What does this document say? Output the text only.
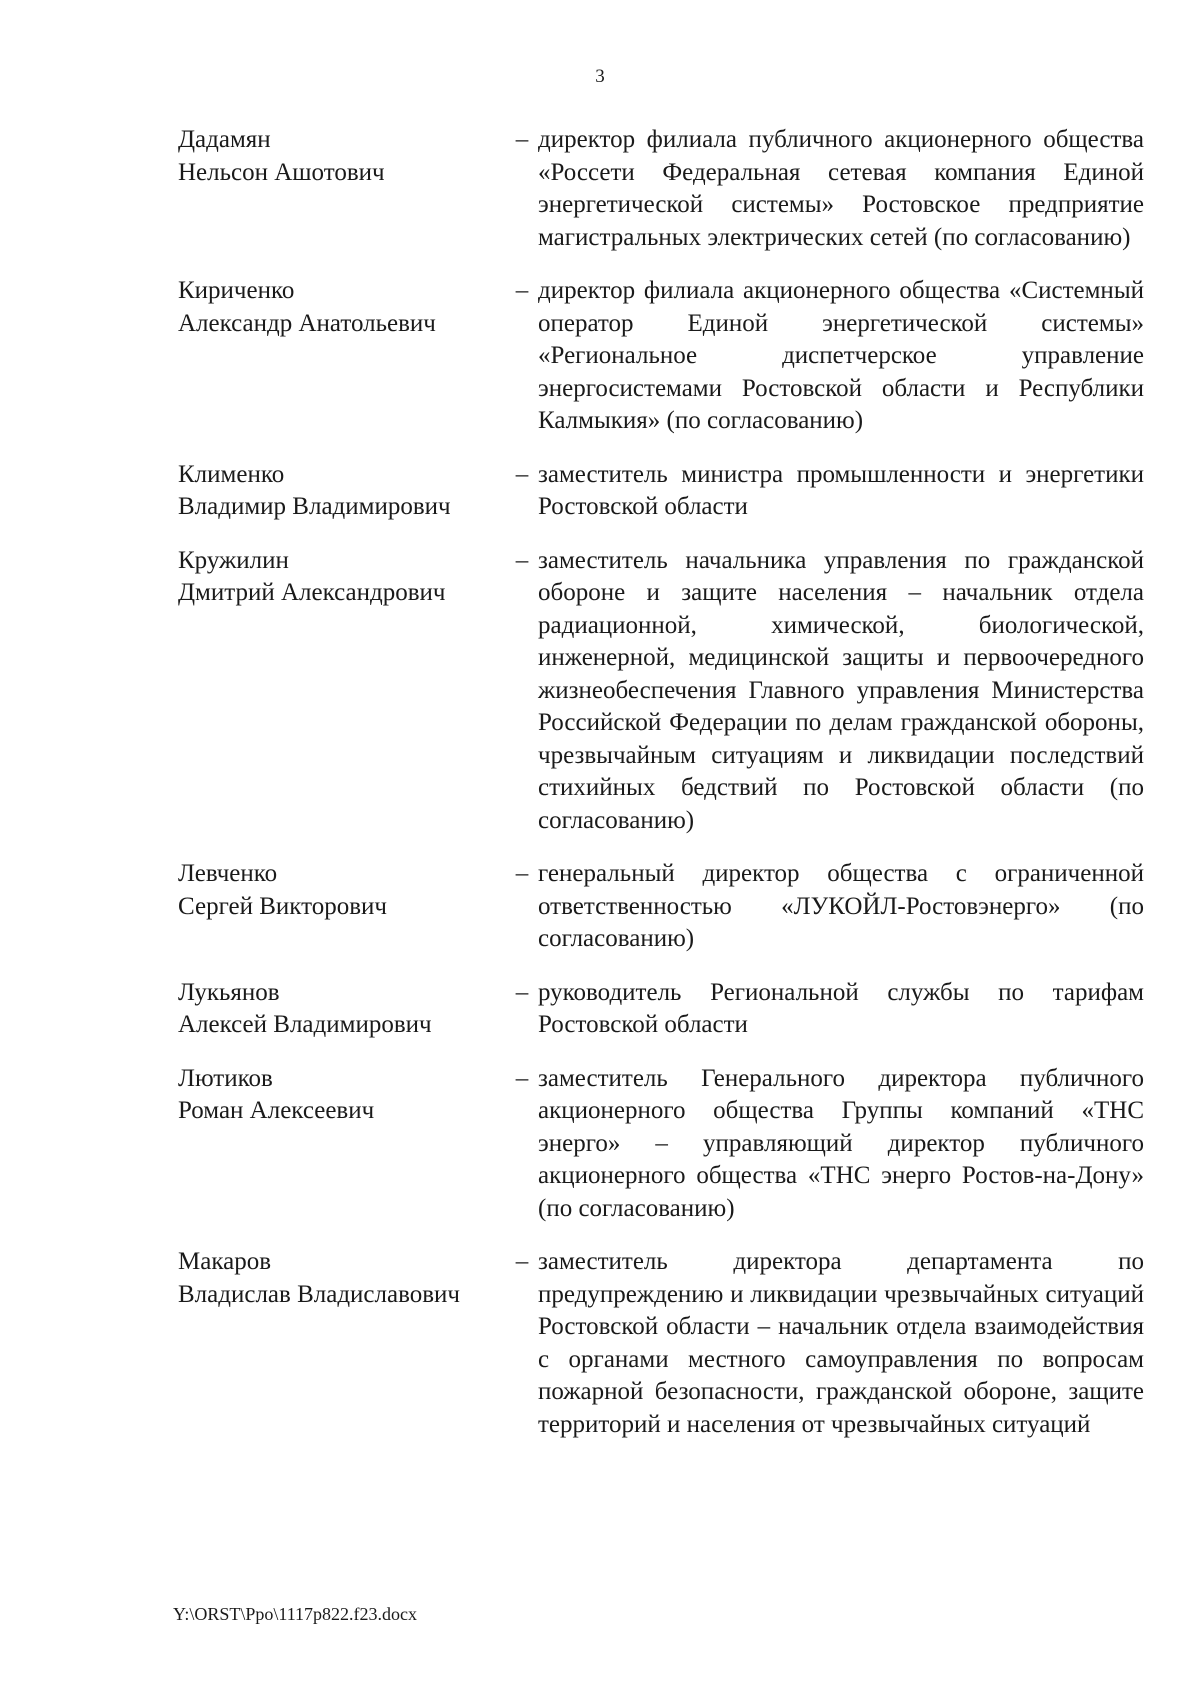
3
Дадамян
Нельсон Ашотович
– директор филиала публичного акционерного общества «Россети Федеральная сетевая компания Единой энергетической системы» Ростовское предприятие магистральных электрических сетей (по согласованию)
Кириченко
Александр Анатольевич
– директор филиала акционерного общества «Системный оператор Единой энергетической системы» «Региональное диспетчерское управление энергосистемами Ростовской области и Республики Калмыкия» (по согласованию)
Клименко
Владимир Владимирович
– заместитель министра промышленности и энергетики Ростовской области
Кружилин
Дмитрий Александрович
– заместитель начальника управления по гражданской обороне и защите населения – начальник отдела радиационной, химической, биологической, инженерной, медицинской защиты и первоочередного жизнеобеспечения Главного управления Министерства Российской Федерации по делам гражданской обороны, чрезвычайным ситуациям и ликвидации последствий стихийных бедствий по Ростовской области (по согласованию)
Левченко
Сергей Викторович
– генеральный директор общества с ограниченной ответственностью «ЛУКОЙЛ-Ростовэнерго» (по согласованию)
Лукьянов
Алексей Владимирович
– руководитель Региональной службы по тарифам Ростовской области
Лютиков
Роман Алексеевич
– заместитель Генерального директора публичного акционерного общества Группы компаний «ТНС энерго» – управляющий директор публичного акционерного общества «ТНС энерго Ростов-на-Дону» (по согласованию)
Макаров
Владислав Владиславович
– заместитель директора департамента по предупреждению и ликвидации чрезвычайных ситуаций Ростовской области – начальник отдела взаимодействия с органами местного самоуправления по вопросам пожарной безопасности, гражданской обороне, защите территорий и населения от чрезвычайных ситуаций
Y:\ORST\Ppo\1117p822.f23.docx
